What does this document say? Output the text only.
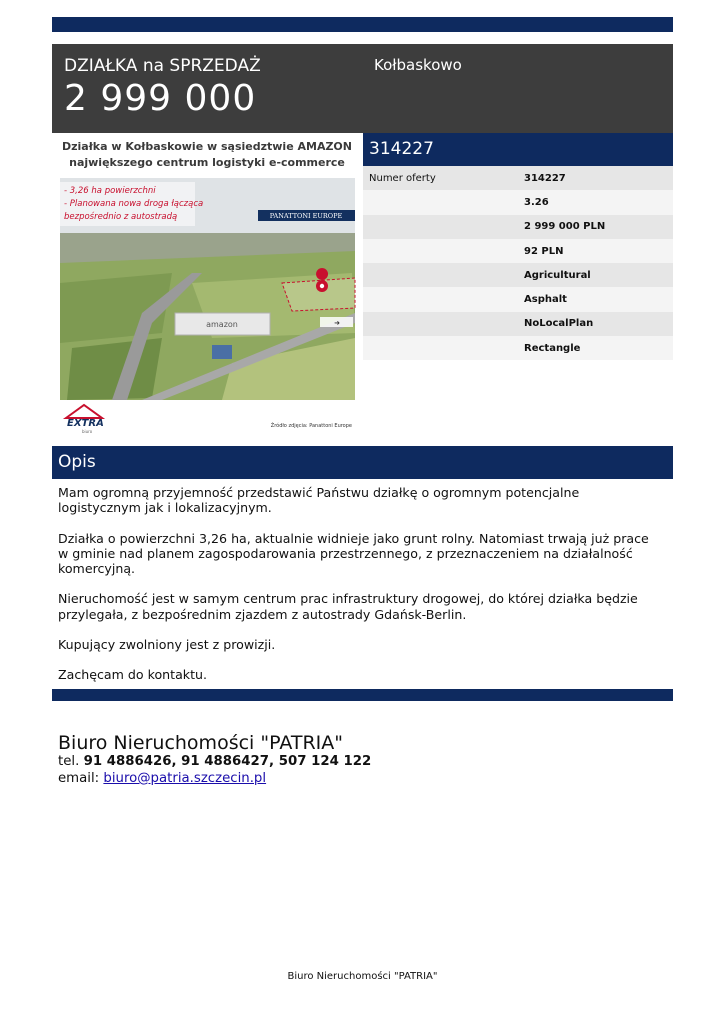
DZIAŁKA na SPRZEDAŻ
2 999 000
Kołbaskowo
Działka w Kołbaskowie w sąsiedztwie AMAZON
największego centrum logistyki e-commerce
amazon	➜
- 3,26 ha powierzchni
- Planowana nowa droga łącząca
bezpośrednio z autostradą	PANATTONI EUROPE
EXTRA
biuro
Źródło zdjęcia: Panattoni Europe
314227
Numer oferty	314227
	3.26
	2 999 000 PLN
	92 PLN
	Agricultural
	Asphalt
	NoLocalPlan
	Rectangle
Opis

Mam ogromną przyjemność przedstawić Państwu działkę o ogromnym potencjalne logistycznym jak i lokalizacyjnym.

Działka o powierzchni 3,26 ha, aktualnie widnieje jako grunt rolny. Natomiast trwają już prace w gminie nad planem zagospodarowania przestrzennego, z przeznaczeniem na działalność komercyjną.

Nieruchomość jest w samym centrum prac infrastruktury drogowej, do której działka będzie przylegała, z bezpośrednim zjazdem z autostrady Gdańsk-Berlin.

Kupujący zwolniony jest z prowizji.

Zachęcam do kontaktu.

Biuro Nieruchomości "PATRIA"
tel. 91 4886426, 91 4886427, 507 124 122
email: biuro@patria.szczecin.pl
Biuro Nieruchomości "PATRIA"
